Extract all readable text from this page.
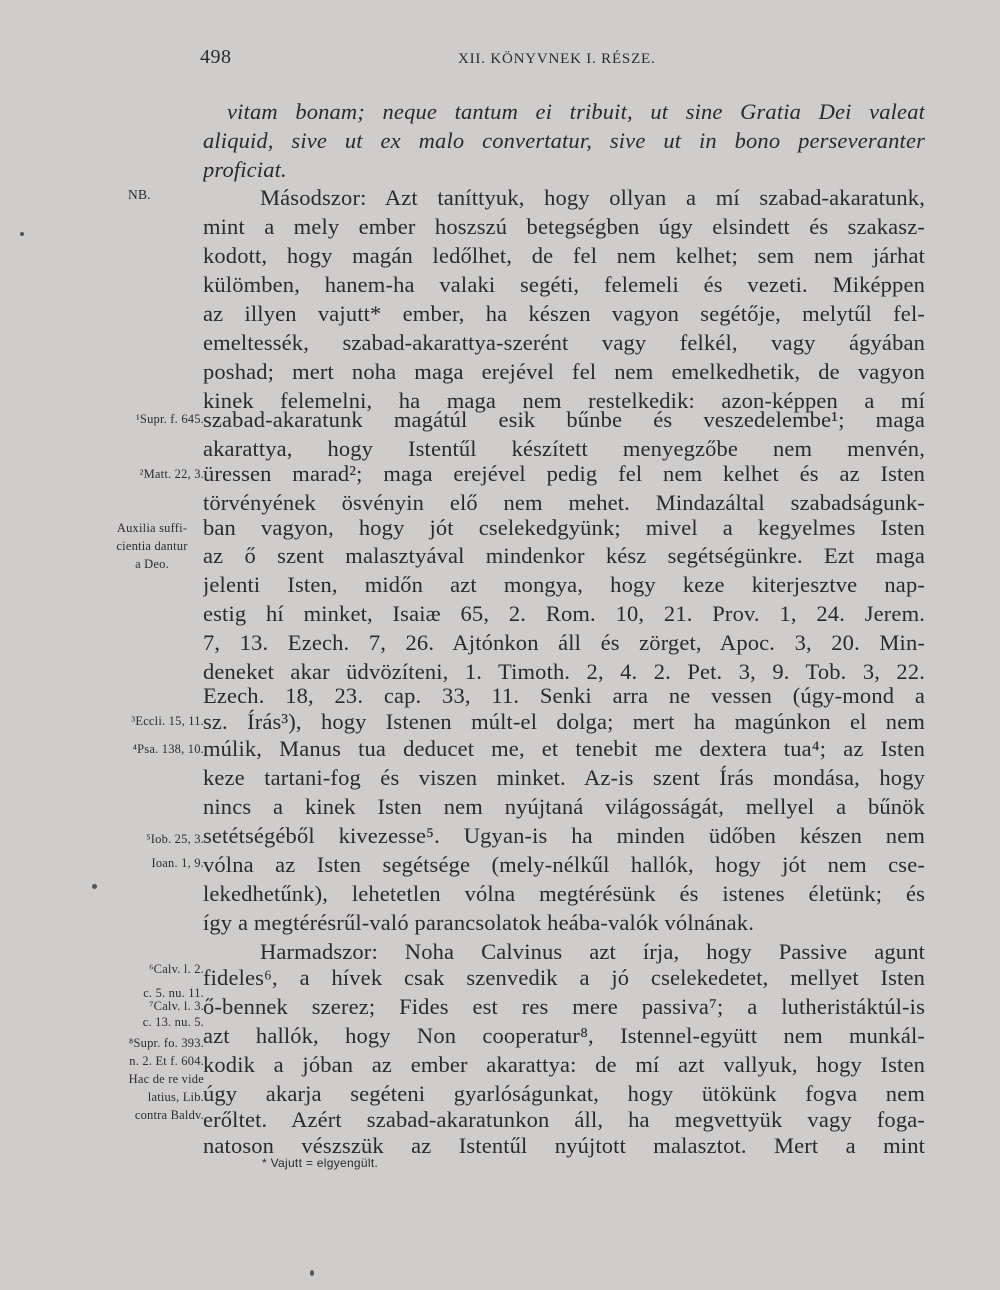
498	XII. KÖNYVNEK I. RÉSZE.
NB.
¹Supr. f. 645.
²Matt. 22, 3.
Auxilia suffi-
cientia dantur
a Deo.
³Eccli. 15, 11.
⁴Psa. 138, 10.
⁵Iob. 25, 3.
Ioan. 1, 9.
⁶Calv. l. 2.
c. 5. nu. 11.
⁷Calv. l. 3.
c. 13. nu. 5.
⁸Supr. fo. 393.
n. 2. Et f. 604.
Hac de re vide
latius, Lib.
contra Baldv.
vitam bonam; neque tantum ei tribuit, ut sine Gratia Dei valeat
aliquid, sive ut ex malo convertatur, sive ut in bono perseveranter
proficiat.
Másodszor: Azt taníttyuk, hogy ollyan a mí szabad-akaratunk,
mint a mely ember hoszszú betegségben úgy elsindett és szakasz-
kodott, hogy magán ledőlhet, de fel nem kelhet; sem nem járhat
külömben, hanem-ha valaki segéti, felemeli és vezeti. Miképpen
az illyen vajutt* ember, ha készen vagyon segétője, melytűl fel-
emeltessék, szabad-akarattya-szerént vagy felkél, vagy ágyában
poshad; mert noha maga erejével fel nem emelkedhetik, de vagyon
kinek felemelni, ha maga nem restelkedik: azon-képpen a mí
szabad-akaratunk magátúl esik bűnbe és veszedelembe¹; maga
akarattya, hogy Istentűl készített menyegzőbe nem menvén,
üressen marad²; maga erejével pedig fel nem kelhet és az Isten
törvényének ösvényin elő nem mehet. Mindazáltal szabadságunk-
ban vagyon, hogy jót cselekedgyünk; mivel a kegyelmes Isten
az ő szent malasztyával mindenkor kész segétségünkre. Ezt maga
jelenti Isten, midőn azt mongya, hogy keze kiterjesztve nap-
estig hí minket, Isaiæ 65, 2. Rom. 10, 21. Prov. 1, 24. Jerem.
7, 13. Ezech. 7, 26. Ajtónkon áll és zörget, Apoc. 3, 20. Min-
deneket akar üdvözíteni, 1. Timoth. 2, 4. 2. Pet. 3, 9. Tob. 3, 22.
Ezech. 18, 23. cap. 33, 11. Senki arra ne vessen (úgy-mond a
sz. Írás³), hogy Istenen múlt-el dolga; mert ha magúnkon el nem
múlik, Manus tua deducet me, et tenebit me dextera tua⁴; az Isten
keze tartani-fog és viszen minket. Az-is szent Írás mondása, hogy
nincs a kinek Isten nem nyújtaná világosságát, mellyel a bűnök
setétségéből kivezesse⁵. Ugyan-is ha minden üdőben készen nem
vólna az Isten segétsége (mely-nélkűl hallók, hogy jót nem cse-
lekedhetűnk), lehetetlen vólna megtérésünk és istenes életünk; és
így a megtérésrűl-való parancsolatok heába-valók vólnának.
Harmadszor: Noha Calvinus azt írja, hogy Passive agunt
fideles⁶, a hívek csak szenvedik a jó cselekedetet, mellyet Isten
ő-bennek szerez; Fides est res mere passiva⁷; a lutheristáktúl-is
azt hallók, hogy Non cooperatur⁸, Istennel-együtt nem munkál-
kodik a jóban az ember akarattya: de mí azt vallyuk, hogy Isten
úgy akarja segéteni gyarlóságunkat, hogy ütökünk fogva nem
erőltet. Azért szabad-akaratunkon áll, ha megvettyük vagy foga-
natoson vészszük az Istentűl nyújtott malasztot. Mert a mint
* Vajutt = elgyengült.
